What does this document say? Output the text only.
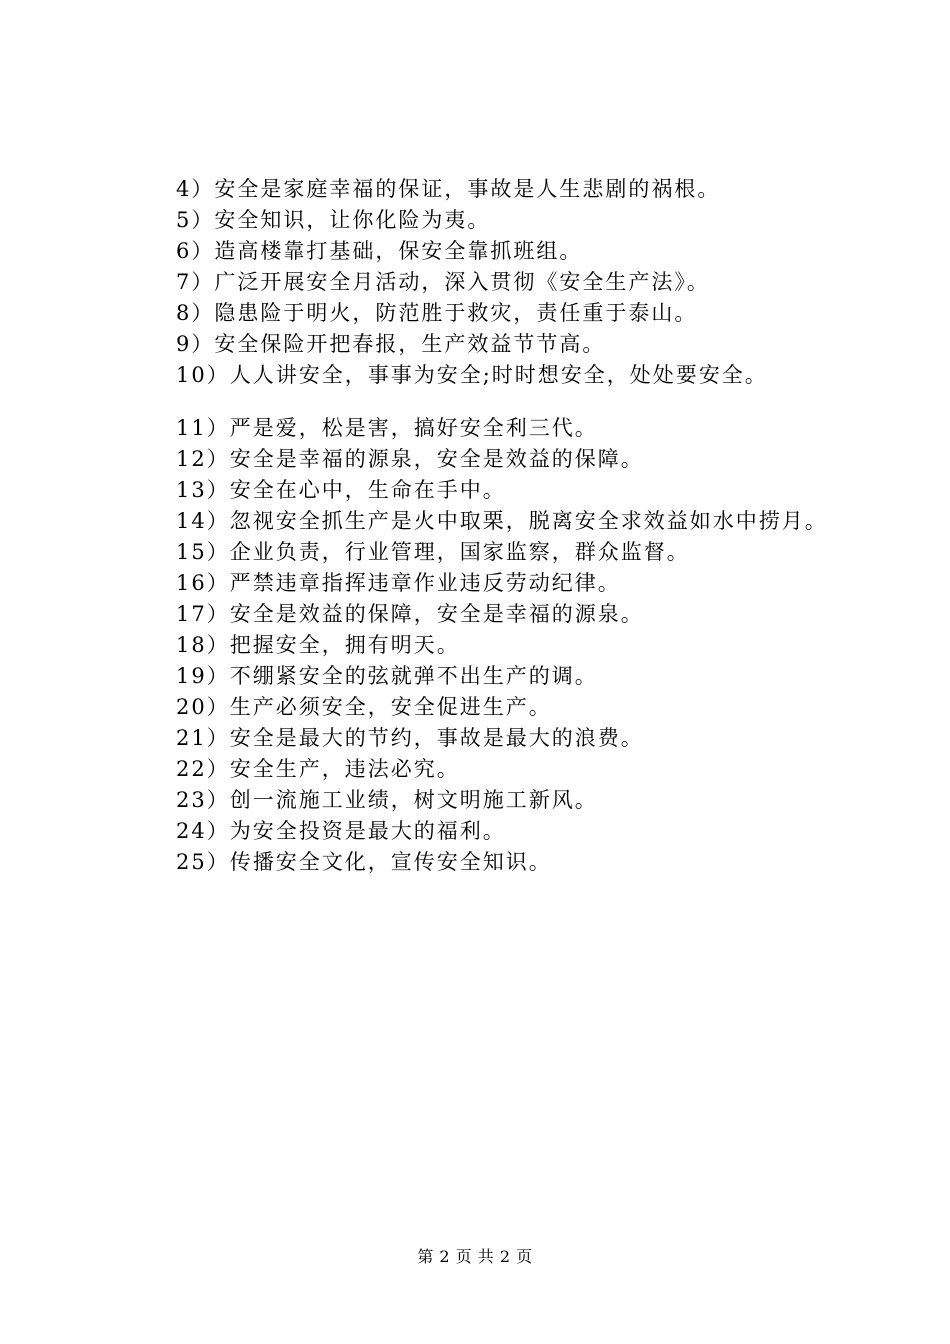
4）安全是家庭幸福的保证，事故是人生悲剧的祸根。
5）安全知识，让你化险为夷。
6）造高楼靠打基础，保安全靠抓班组。
7）广泛开展安全月活动，深入贯彻《安全生产法》。
8）隐患险于明火，防范胜于救灾，责任重于泰山。
9）安全保险开把春报，生产效益节节高。
10）人人讲安全，事事为安全;时时想安全，处处要安全。
11）严是爱，松是害，搞好安全利三代。
12）安全是幸福的源泉，安全是效益的保障。
13）安全在心中，生命在手中。
14）忽视安全抓生产是火中取栗，脱离安全求效益如水中捞月。
15）企业负责，行业管理，国家监察，群众监督。
16）严禁违章指挥违章作业违反劳动纪律。
17）安全是效益的保障，安全是幸福的源泉。
18）把握安全，拥有明天。
19）不绷紧安全的弦就弹不出生产的调。
20）生产必须安全，安全促进生产。
21）安全是最大的节约，事故是最大的浪费。
22）安全生产，违法必究。
23）创一流施工业绩，树文明施工新风。
24）为安全投资是最大的福利。
25）传播安全文化，宣传安全知识。
第 2 页 共 2 页
